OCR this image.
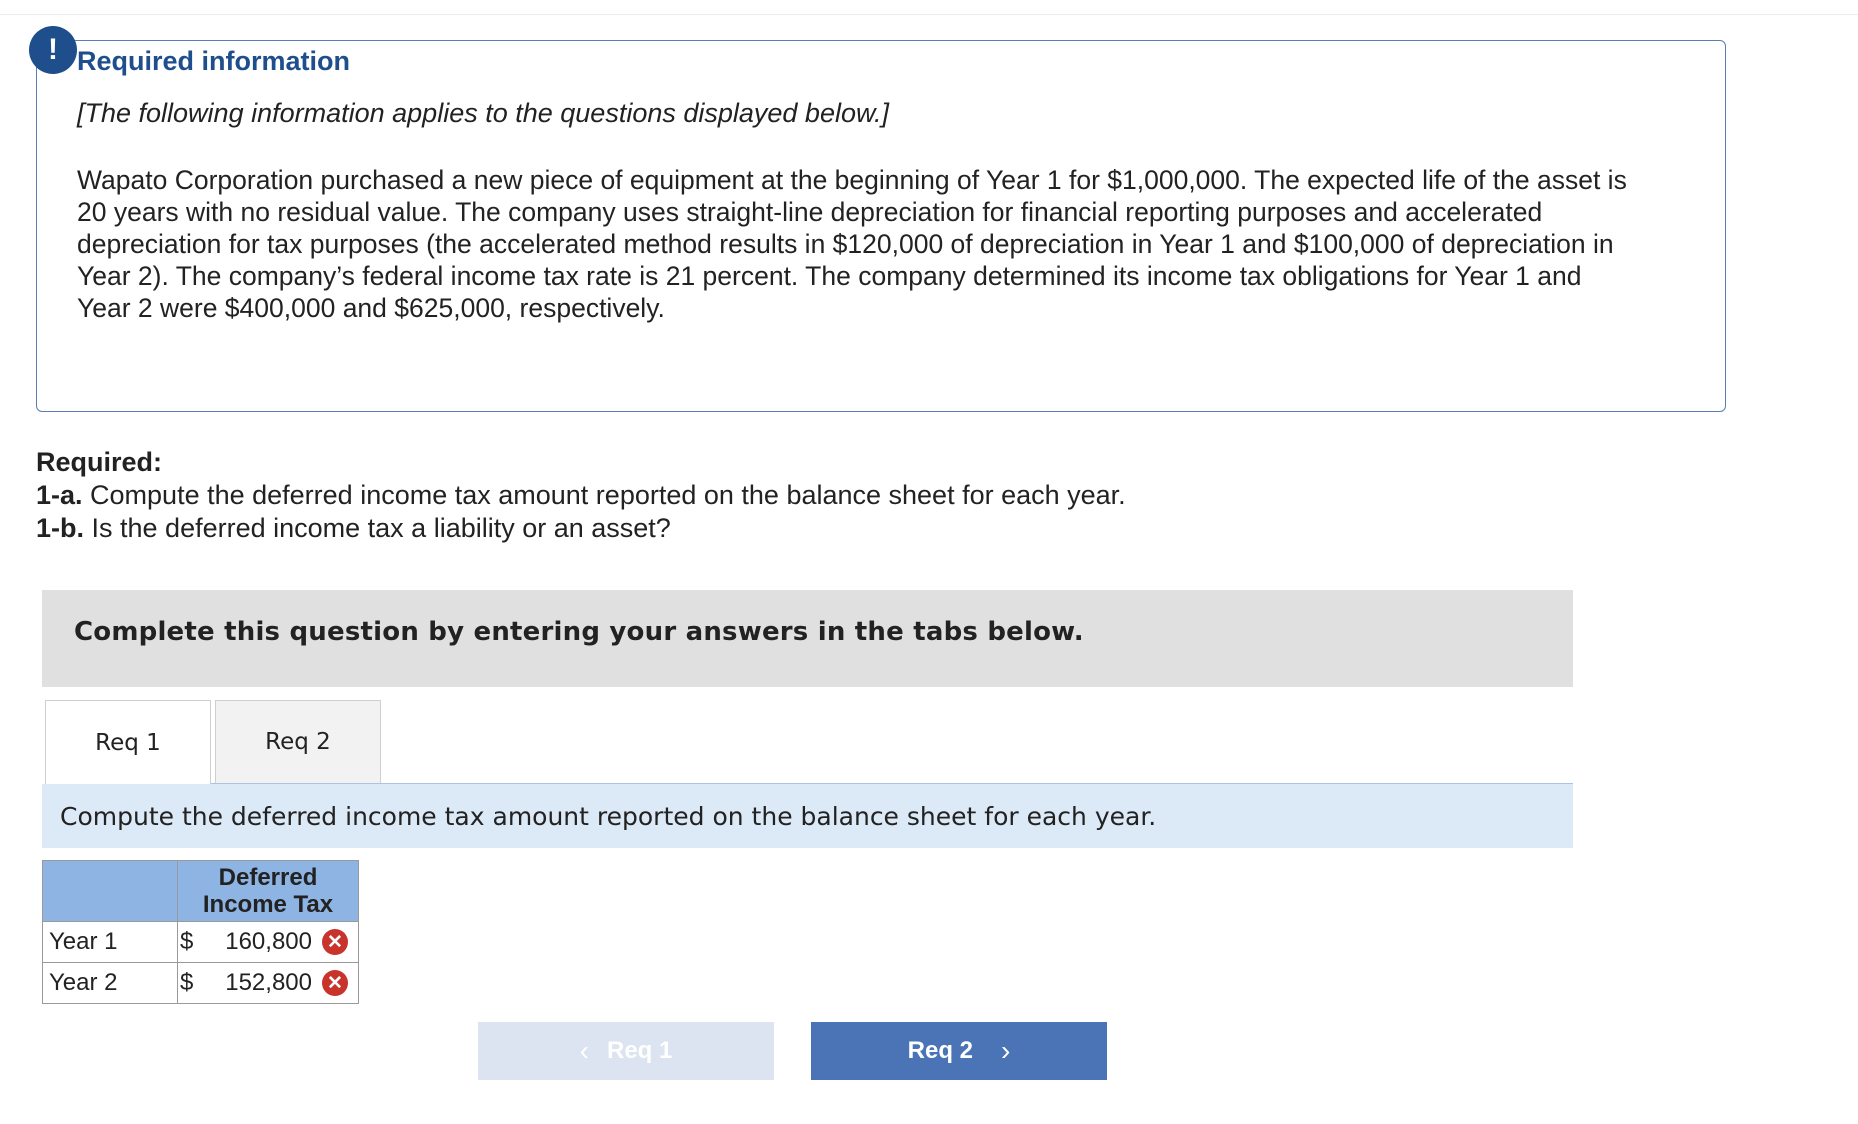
! Required information
[The following information applies to the questions displayed below.]
Wapato Corporation purchased a new piece of equipment at the beginning of Year 1 for $1,000,000. The expected life of the asset is 20 years with no residual value. The company uses straight-line depreciation for financial reporting purposes and accelerated depreciation for tax purposes (the accelerated method results in $120,000 of depreciation in Year 1 and $100,000 of depreciation in Year 2). The company’s federal income tax rate is 21 percent. The company determined its income tax obligations for Year 1 and Year 2 were $400,000 and $625,000, respectively.
Required:
1-a. Compute the deferred income tax amount reported on the balance sheet for each year.
1-b. Is the deferred income tax a liability or an asset?
Complete this question by entering your answers in the tabs below.
Req 1	Req 2
Compute the deferred income tax amount reported on the balance sheet for each year.

	Deferred
Income Tax

Year 1	$ 160,800 ✕

Year 2	$ 152,800 ✕
‹ Req 1	Req 2 ›
